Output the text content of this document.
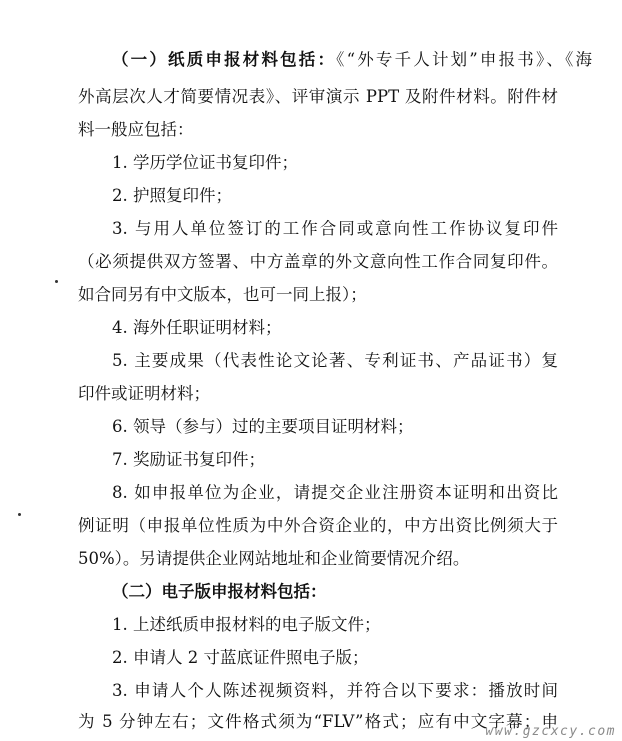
（一）纸质申报材料包括：《“外专千人计划”申报书》、《海
外高层次人才简要情况表》、评审演示 PPT 及附件材料。附件材
料一般应包括：
1. 学历学位证书复印件；
2. 护照复印件；
3. 与用人单位签订的工作合同或意向性工作协议复印件
（必须提供双方签署、中方盖章的外文意向性工作合同复印件。
如合同另有中文版本，也可一同上报）；
4. 海外任职证明材料；
5. 主要成果（代表性论文论著、专利证书、产品证书）复
印件或证明材料；
6. 领导（参与）过的主要项目证明材料；
7. 奖励证书复印件；
8. 如申报单位为企业，请提交企业注册资本证明和出资比
例证明（申报单位性质为中外合资企业的，中方出资比例须大于
50%）。另请提供企业网站地址和企业简要情况介绍。
（二）电子版申报材料包括：
1. 上述纸质申报材料的电子版文件；
2. 申请人 2 寸蓝底证件照电子版；
3. 申请人个人陈述视频资料，并符合以下要求：播放时间
为 5 分钟左右；文件格式须为“FLV”格式；应有中文字幕；申
www.gzcxcy.com
